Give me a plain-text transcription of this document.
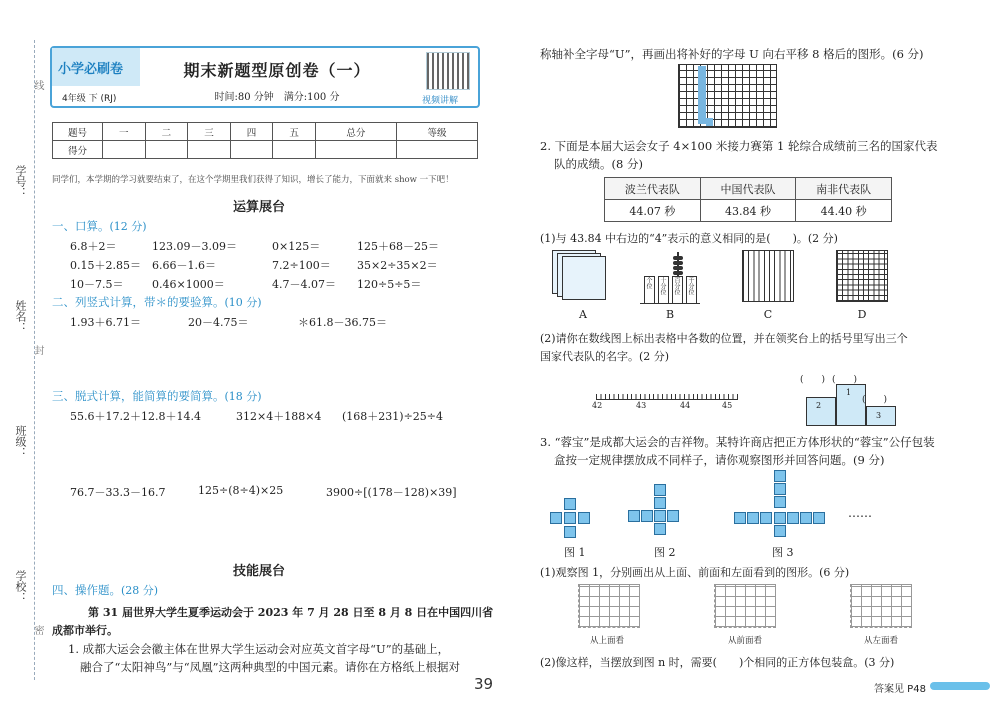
线
学号：
姓名：
封
班级：
学校：
密
小学必刷卷
4年级 下 (RJ)
期末新题型原创卷（一）
时间:80 分钟　满分:100 分	视频讲解
题号	一	二	三	四	五	总分	等级
得分							
同学们，本学期的学习就要结束了，在这个学期里我们获得了知识，增长了能力，下面就来 show 一下吧！
运算展台
一、口算。(12 分)
6.8＋2＝	123.09－3.09＝	0×125＝	125＋68－25＝
0.15＋2.85＝ 6.66－1.6＝	7.2÷100＝ 35×2÷35×2＝
10－7.5＝	0.46×1000＝	4.7－4.07＝ 120÷5÷5＝
二、列竖式计算，带＊的要验算。(10 分)
1.93＋6.71＝	20－4.75＝	＊61.8－36.75＝
三、脱式计算，能简算的要简算。(18 分)
55.6＋17.2＋12.8＋14.4	312×4＋188×4 (168＋231)÷25÷4
76.7－33.3－16.7	125÷(8÷4)×25	3900÷[(178－128)×39]
技能展台
四、操作题。(28 分)
第 31 届世界大学生夏季运动会于 2023 年 7 月 28 日至 8 月 8 日在中国四川省
成都市举行。
1. 成都大运会会徽主体在世界大学生运动会对应英文首字母“U”的基础上，
融合了“太阳神鸟”与“凤凰”这两种典型的中国元素。请你在方格纸上根据对
称轴补全字母“U”，再画出将补好的字母 U 向右平移 8 格后的图形。(6 分)
2. 下面是本届大运会女子 4×100 米接力赛第 1 轮综合成绩前三名的国家代表
队的成绩。(8 分)
波兰代表队	中国代表队	南非代表队
44.07 秒	43.84 秒	44.40 秒
(1)与 43.84 中右边的“4”表示的意义相同的是(　　)。(2 分)
个位	十分位	百分位	千分位
A	B	C	D
(2)请你在数线图上标出表格中各数的位置，并在领奖台上的括号里写出三个
国家代表队的名字。(2 分)
42	43	44	45	2
1
3
(　　) (　　)
(　　)
3. “蓉宝”是成都大运会的吉祥物。某特许商店把正方体形状的“蓉宝”公仔包装
盒按一定规律摆放成不同样子，请你观察图形并回答问题。(9 分)
……
图 1	图 2	图 3
(1)观察图 1，分别画出从上面、前面和左面看到的图形。(6 分)
从上面看	从前面看	从左面看
(2)像这样，当摆放到图 n 时，需要(　　)个相同的正方体包装盒。(3 分)
39	答案见 P48
